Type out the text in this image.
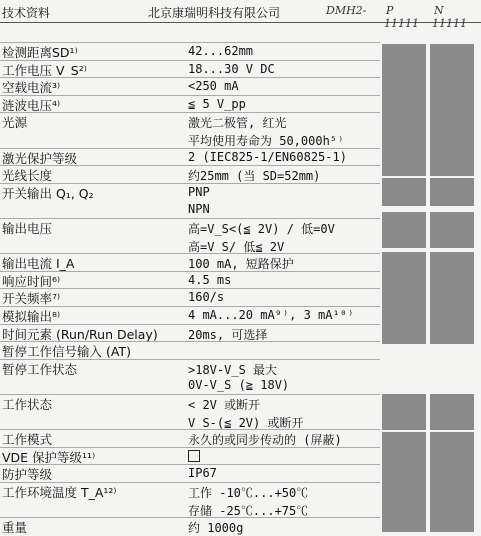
技术资料	北京康瑞明科技有限公司	DMH2- P
11111
N
11111
检测距离SD¹⁾	42...62mm
工作电压 V_S²⁾	18...30 V DC
空载电流³⁾	<250 mA
涟波电压⁴⁾	≦ 5 V_pp
光源	激光二极管, 红光
平均使用寿命为 50,000h⁵⁾
激光保护等级	2 (IEC825-1/EN60825-1)
光线长度	约25mm (当 SD=52mm)
开关输出 Q₁, Q₂	PNP
NPN
输出电压	高=V_S<(≦ 2V) / 低=0V
高=V_S/ 低≦ 2V
输出电流 I_A	100 mA, 短路保护
响应时间⁶⁾	4.5 ms
开关频率⁷⁾	160/s
模拟输出⁸⁾	4 mA...20 mA⁹⁾, 3 mA¹⁰⁾
时间元素 (Run/Run Delay)	20ms, 可选择
暂停工作信号输入 (AT)
暂停工作状态	>18V-V_S 最大
0V-V_S (≧ 18V)
工作状态	< 2V 或断开
V_S-(≦ 2V) 或断开
工作模式	永久的或同步传动的 (屏蔽)
VDE 保护等级¹¹⁾
防护等级	IP67
工作环境温度 T_A¹²⁾	工作 -10℃...+50℃
存储 -25℃...+75℃
重量	约 1000g
